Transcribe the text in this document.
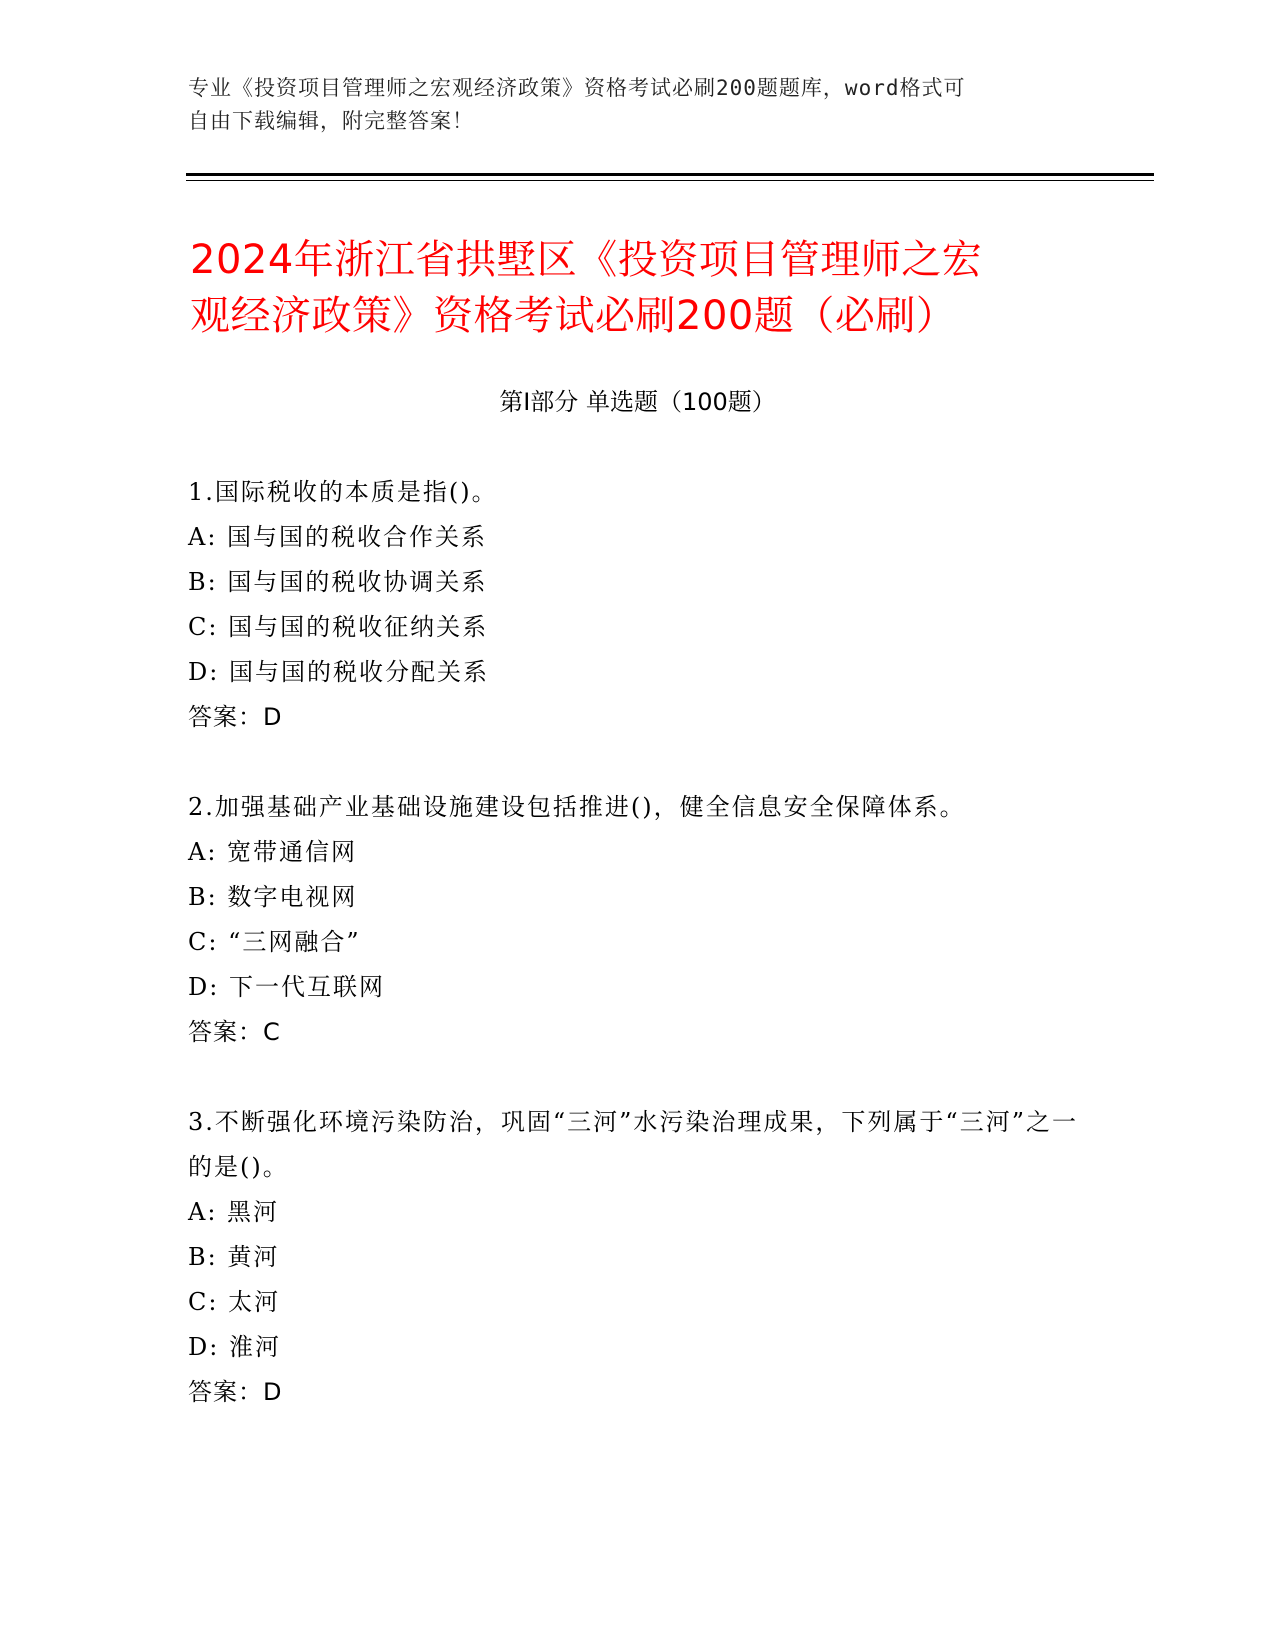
专业《投资项目管理师之宏观经济政策》资格考试必刷200题题库，word格式可
自由下载编辑，附完整答案！
2024年浙江省拱墅区《投资项目管理师之宏
观经济政策》资格考试必刷200题（必刷）
第Ⅰ部分 单选题（100题）
1.国际税收的本质是指()。
A: 国与国的税收合作关系
B: 国与国的税收协调关系
C: 国与国的税收征纳关系
D: 国与国的税收分配关系
答案：D
2.加强基础产业基础设施建设包括推进()，健全信息安全保障体系。
A: 宽带通信网
B: 数字电视网
C: “三网融合”
D: 下一代互联网
答案：C
3.不断强化环境污染防治，巩固“三河”水污染治理成果，下列属于“三河”之一的是()。
A: 黑河
B: 黄河
C: 太河
D: 淮河
答案：D
